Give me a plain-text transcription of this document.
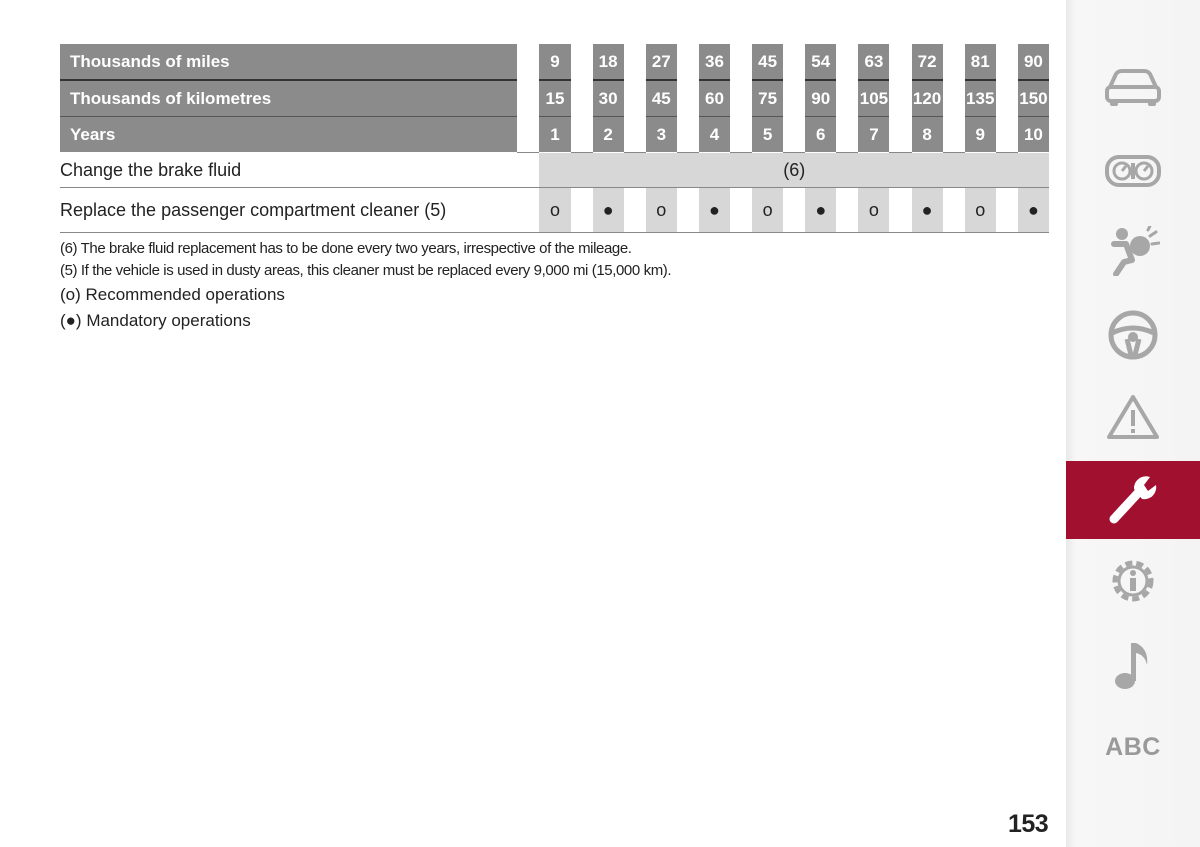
Thousands of miles		9		18		27		36		45		54		63		72		81		90
Thousands of kilometres		15		30		45		60		75		90		105		120		135		150
Years		1		2		3		4		5		6		7		8		9		10
Change the brake fluid		(6)																		
Replace the passenger compartment cleaner (5)		o		●		o		●		o		●		o		●		o		●
(6) The brake fluid replacement has to be done every two years, irrespective of the mileage.
(5) If the vehicle is used in dusty areas, this cleaner must be replaced every 9,000 mi (15,000 km).
(o) Recommended operations
(●) Mandatory operations
ABC
153
